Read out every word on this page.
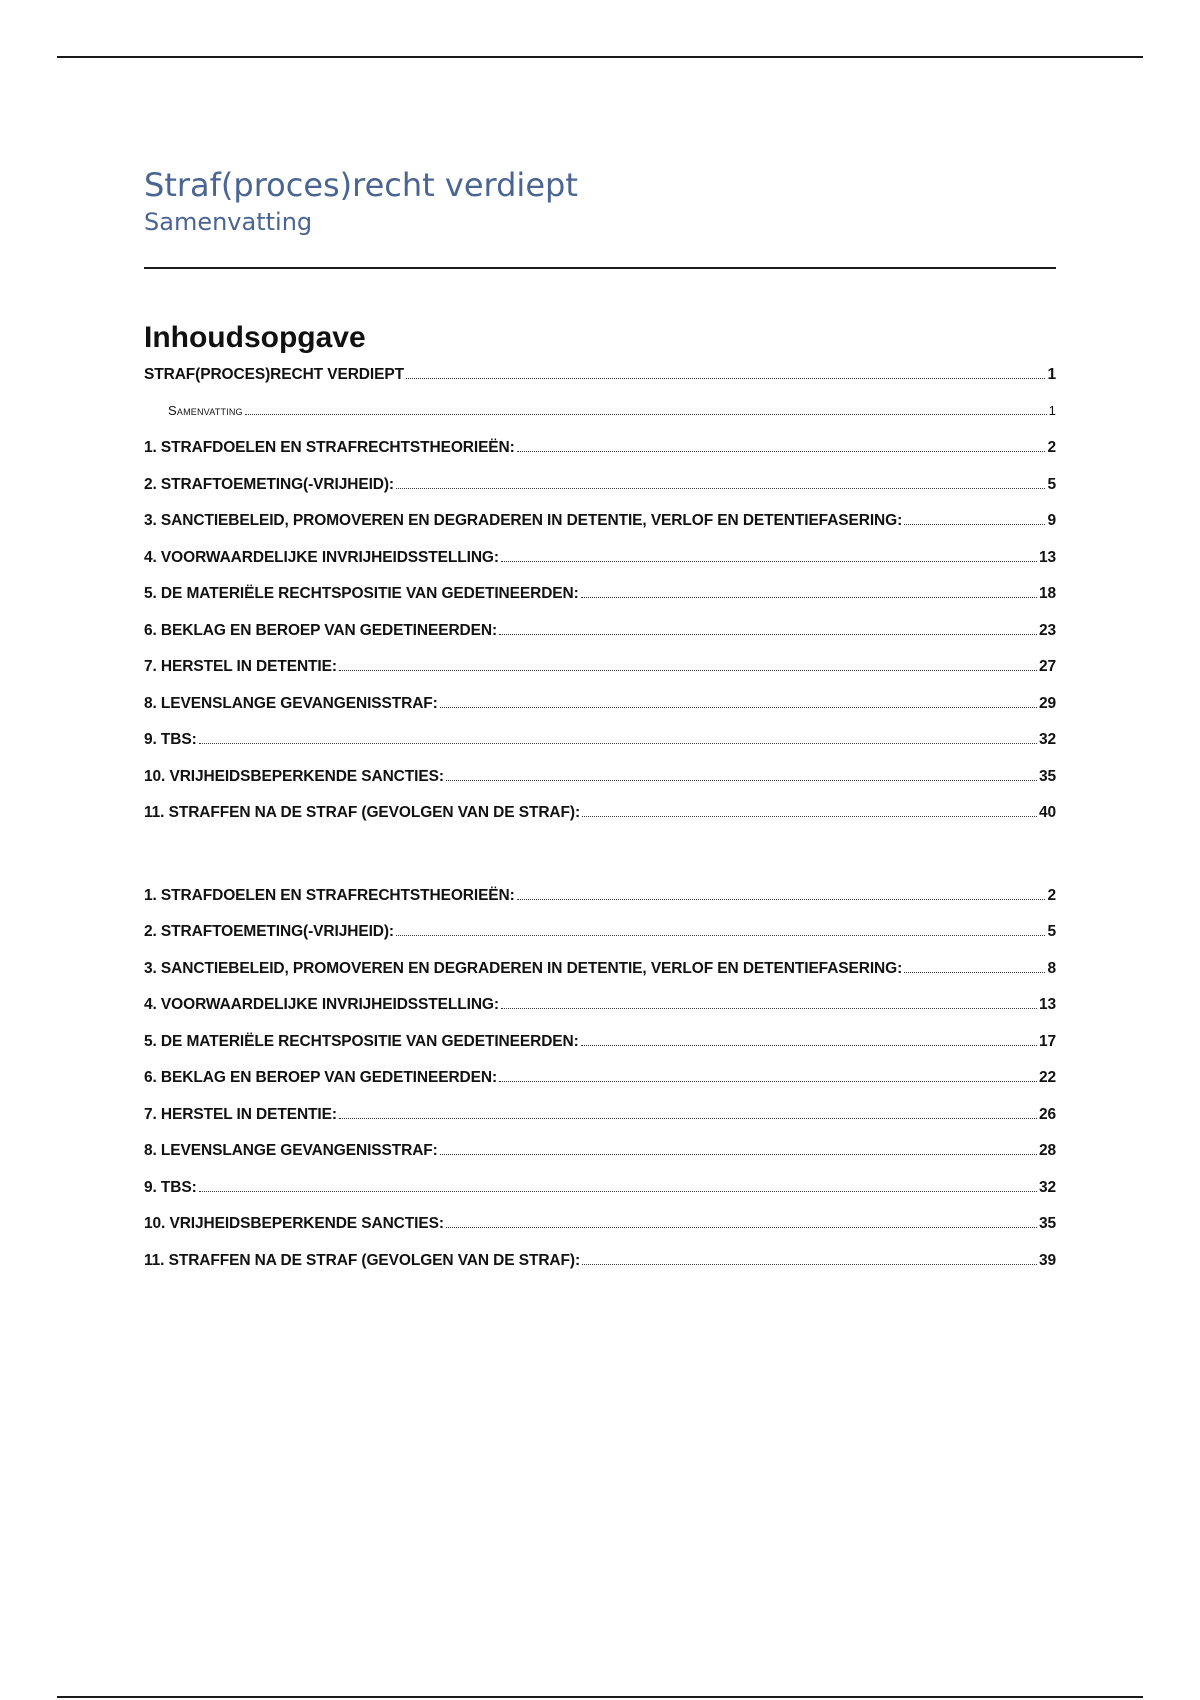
Straf(proces)recht verdiept
Samenvatting
Inhoudsopgave
STRAF(PROCES)RECHT VERDIEPT	1
Samenvatting	1
1. STRAFDOELEN EN STRAFRECHTSTHEORIEËN:	2
2. STRAFTOEMETING(-VRIJHEID):	5
3. SANCTIEBELEID, PROMOVEREN EN DEGRADEREN IN DETENTIE, VERLOF EN DETENTIEFASERING:	9
4. VOORWAARDELIJKE INVRIJHEIDSSTELLING:	13
5. DE MATERIËLE RECHTSPOSITIE VAN GEDETINEERDEN:	18
6. BEKLAG EN BEROEP VAN GEDETINEERDEN:	23
7. HERSTEL IN DETENTIE:	27
8. LEVENSLANGE GEVANGENISSTRAF:	29
9. TBS:	32
10. VRIJHEIDSBEPERKENDE SANCTIES:	35
11. STRAFFEN NA DE STRAF (GEVOLGEN VAN DE STRAF):	40
1. STRAFDOELEN EN STRAFRECHTSTHEORIEËN:	2
2. STRAFTOEMETING(-VRIJHEID):	5
3. SANCTIEBELEID, PROMOVEREN EN DEGRADEREN IN DETENTIE, VERLOF EN DETENTIEFASERING:	8
4. VOORWAARDELIJKE INVRIJHEIDSSTELLING:	13
5. DE MATERIËLE RECHTSPOSITIE VAN GEDETINEERDEN:	17
6. BEKLAG EN BEROEP VAN GEDETINEERDEN:	22
7. HERSTEL IN DETENTIE:	26
8. LEVENSLANGE GEVANGENISSTRAF:	28
9. TBS:	32
10. VRIJHEIDSBEPERKENDE SANCTIES:	35
11. STRAFFEN NA DE STRAF (GEVOLGEN VAN DE STRAF):	39
